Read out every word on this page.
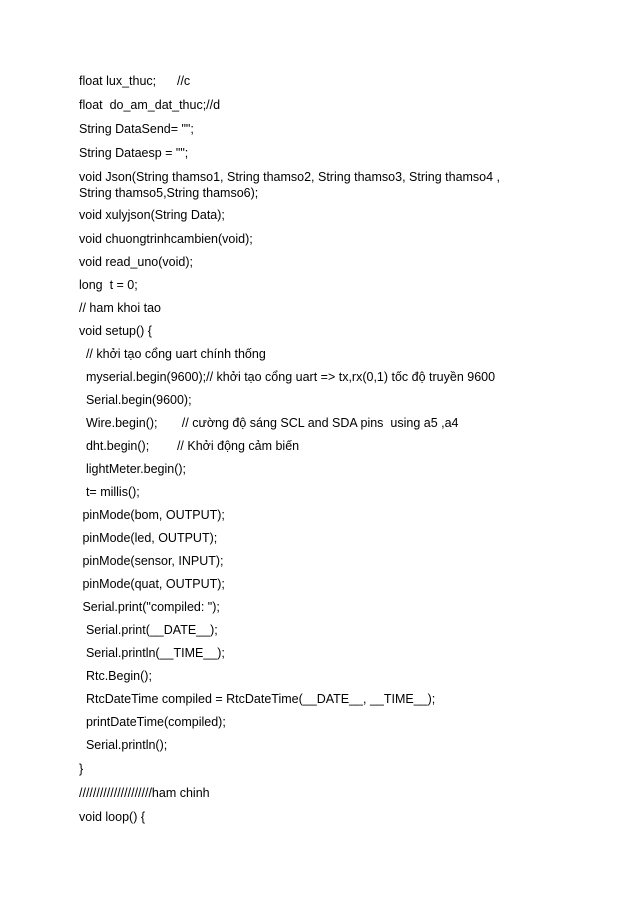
float lux_thuc;      //c

float  do_am_dat_thuc;//d

String DataSend= "";

String Dataesp = "";

void Json(String thamso1, String thamso2, String thamso3, String thamso4 , String thamso5,String thamso6);

void xulyjson(String Data);

void chuongtrinhcambien(void);

void read_uno(void);

long  t = 0;

// ham khoi tao

void setup() {

// khởi tạo cổng uart chính thống

myserial.begin(9600);// khởi tạo cổng uart => tx,rx(0,1) tốc độ truyền 9600

Serial.begin(9600);

Wire.begin();       // cường độ sáng SCL and SDA pins  using a5 ,a4

dht.begin();        // Khởi động cảm biến

lightMeter.begin();

t= millis();

pinMode(bom, OUTPUT);

pinMode(led, OUTPUT);

pinMode(sensor, INPUT);

pinMode(quat, OUTPUT);

Serial.print("compiled: ");

Serial.print(__DATE__);

Serial.println(__TIME__);

Rtc.Begin();

RtcDateTime compiled = RtcDateTime(__DATE__, __TIME__);

printDateTime(compiled);

Serial.println();

}

/////////////////////ham chinh

void loop() {
